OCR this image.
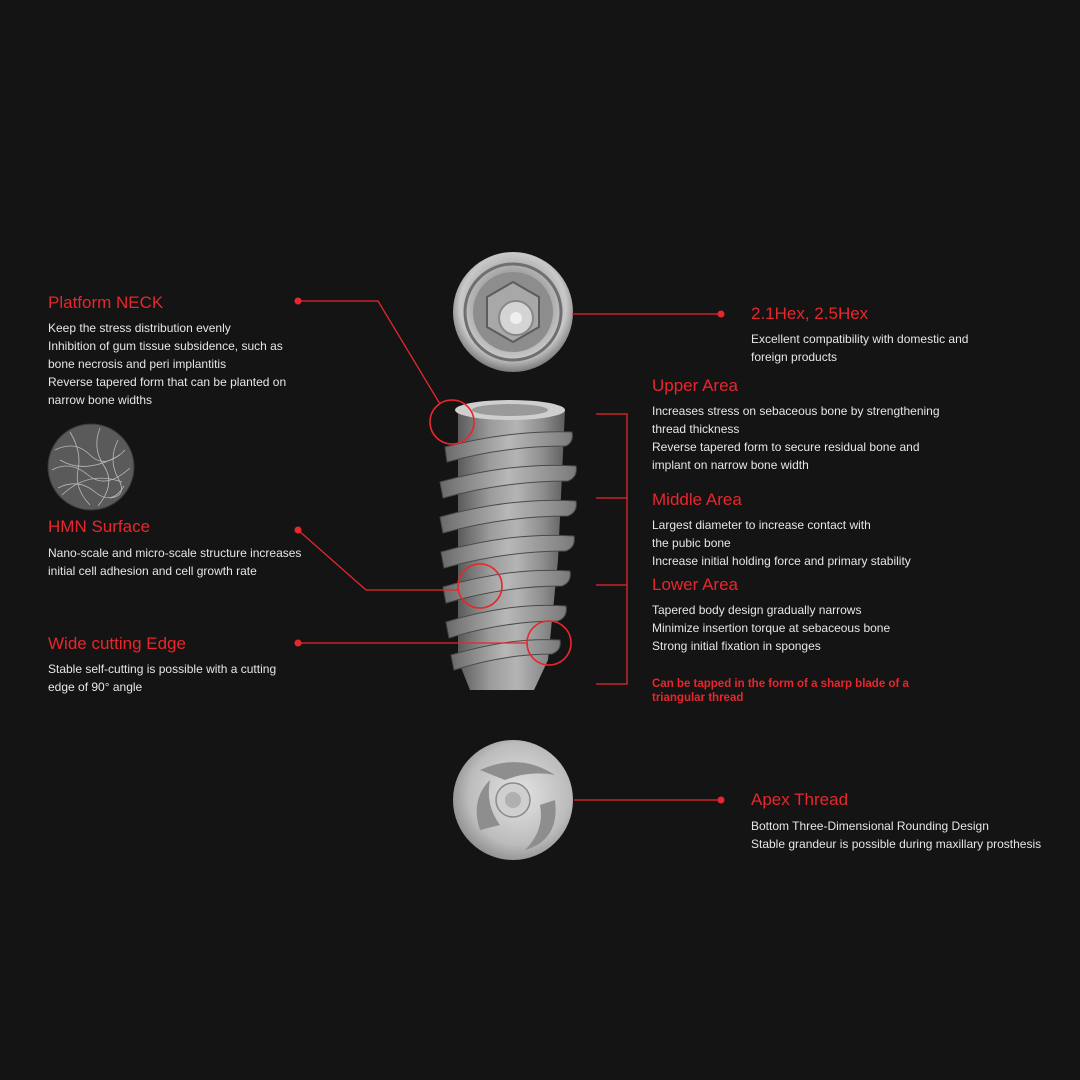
Platform NECK
Keep the stress distribution evenly
Inhibition of gum tissue subsidence, such as
bone necrosis and peri implantitis
Reverse tapered form that can be planted on
narrow bone widths
HMN Surface
Nano-scale and micro-scale structure increases
initial cell adhesion and cell growth rate
Wide cutting Edge
Stable self-cutting is possible with a cutting
edge of 90° angle
2.1Hex, 2.5Hex
Excellent compatibility with domestic and
foreign products
Upper Area
Increases stress on sebaceous bone by strengthening
thread thickness
Reverse tapered form to secure residual bone and
implant on narrow bone width
Middle Area
Largest diameter to increase contact with
the pubic bone
Increase initial holding force and primary stability
Lower Area
Tapered body design gradually narrows
Minimize insertion torque at sebaceous bone
Strong initial fixation in sponges
Can be tapped in the form of a sharp blade of a
triangular thread
Apex Thread
Bottom Three-Dimensional Rounding Design
Stable grandeur is possible during maxillary prosthesis
